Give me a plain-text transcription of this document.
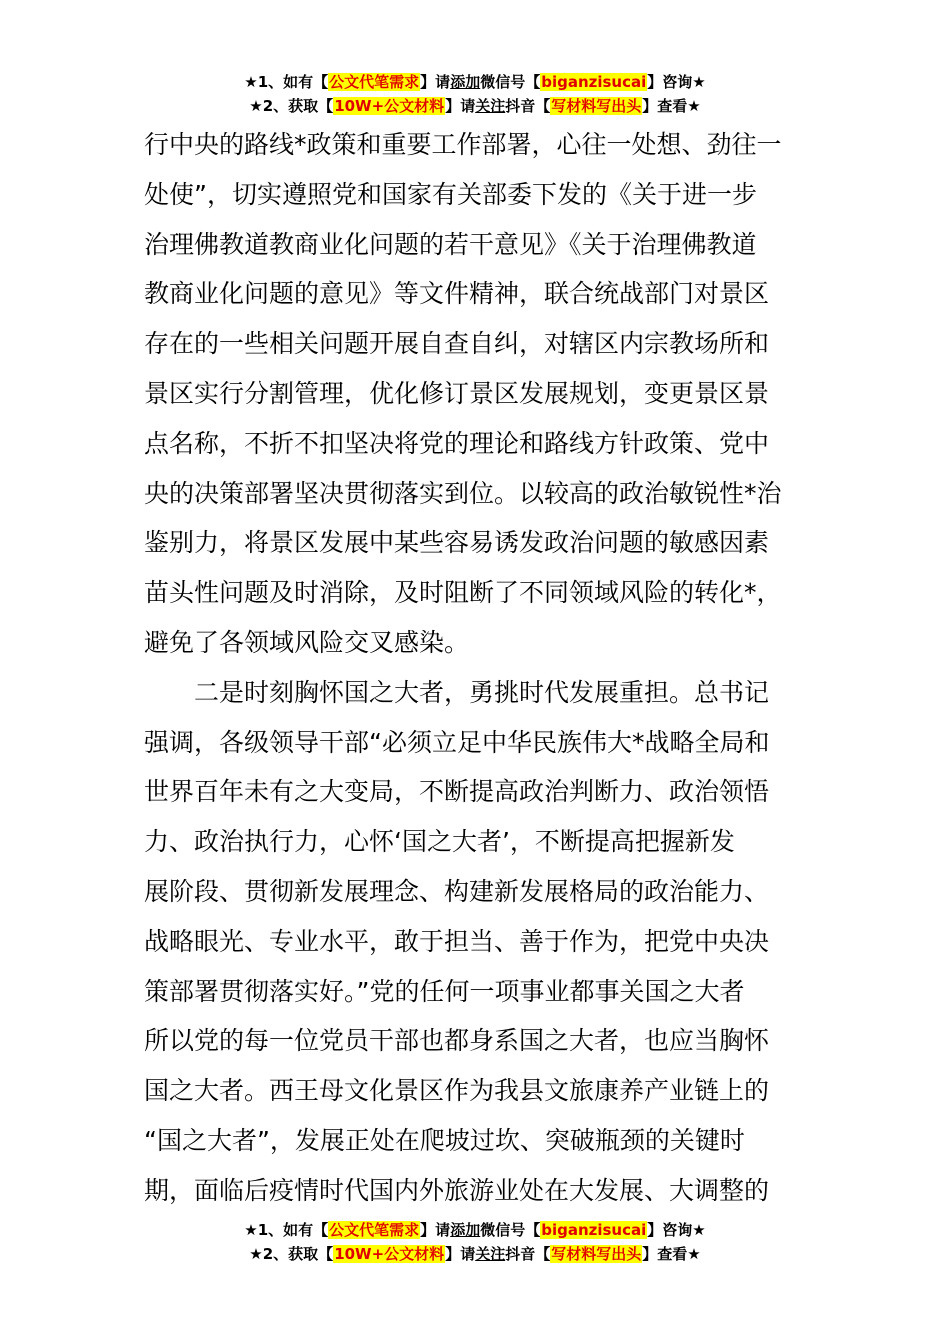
★1、如有【公文代笔需求】请添加微信号【biganzisucai】咨询★
★2、获取【10W+公文材料】请关注抖音【写材料写出头】查看★
行中央的路线*政策和重要工作部署，心往一处想、劲往一
处使”，切实遵照党和国家有关部委下发的《关于进一步
治理佛教道教商业化问题的若干意见》《关于治理佛教道
教商业化问题的意见》等文件精神，联合统战部门对景区
存在的一些相关问题开展自查自纠，对辖区内宗教场所和
景区实行分割管理，优化修订景区发展规划，变更景区景
点名称，不折不扣坚决将党的理论和路线方针政策、党中
央的决策部署坚决贯彻落实到位。以较高的政治敏锐性*治
鉴别力，将景区发展中某些容易诱发政治问题的敏感因素
苗头性问题及时消除，及时阻断了不同领域风险的转化*，
避免了各领域风险交叉感染。
　　二是时刻胸怀国之大者，勇挑时代发展重担。总书记
强调，各级领导干部“必须立足中华民族伟大*战略全局和
世界百年未有之大变局，不断提高政治判断力、政治领悟
力、政治执行力，心怀‘国之大者’，不断提高把握新发
展阶段、贯彻新发展理念、构建新发展格局的政治能力、
战略眼光、专业水平，敢于担当、善于作为，把党中央决
策部署贯彻落实好。”党的任何一项事业都事关国之大者
所以党的每一位党员干部也都身系国之大者，也应当胸怀
国之大者。西王母文化景区作为我县文旅康养产业链上的
“国之大者”，发展正处在爬坡过坎、突破瓶颈的关键时
期，面临后疫情时代国内外旅游业处在大发展、大调整的
★1、如有【公文代笔需求】请添加微信号【biganzisucai】咨询★
★2、获取【10W+公文材料】请关注抖音【写材料写出头】查看★
